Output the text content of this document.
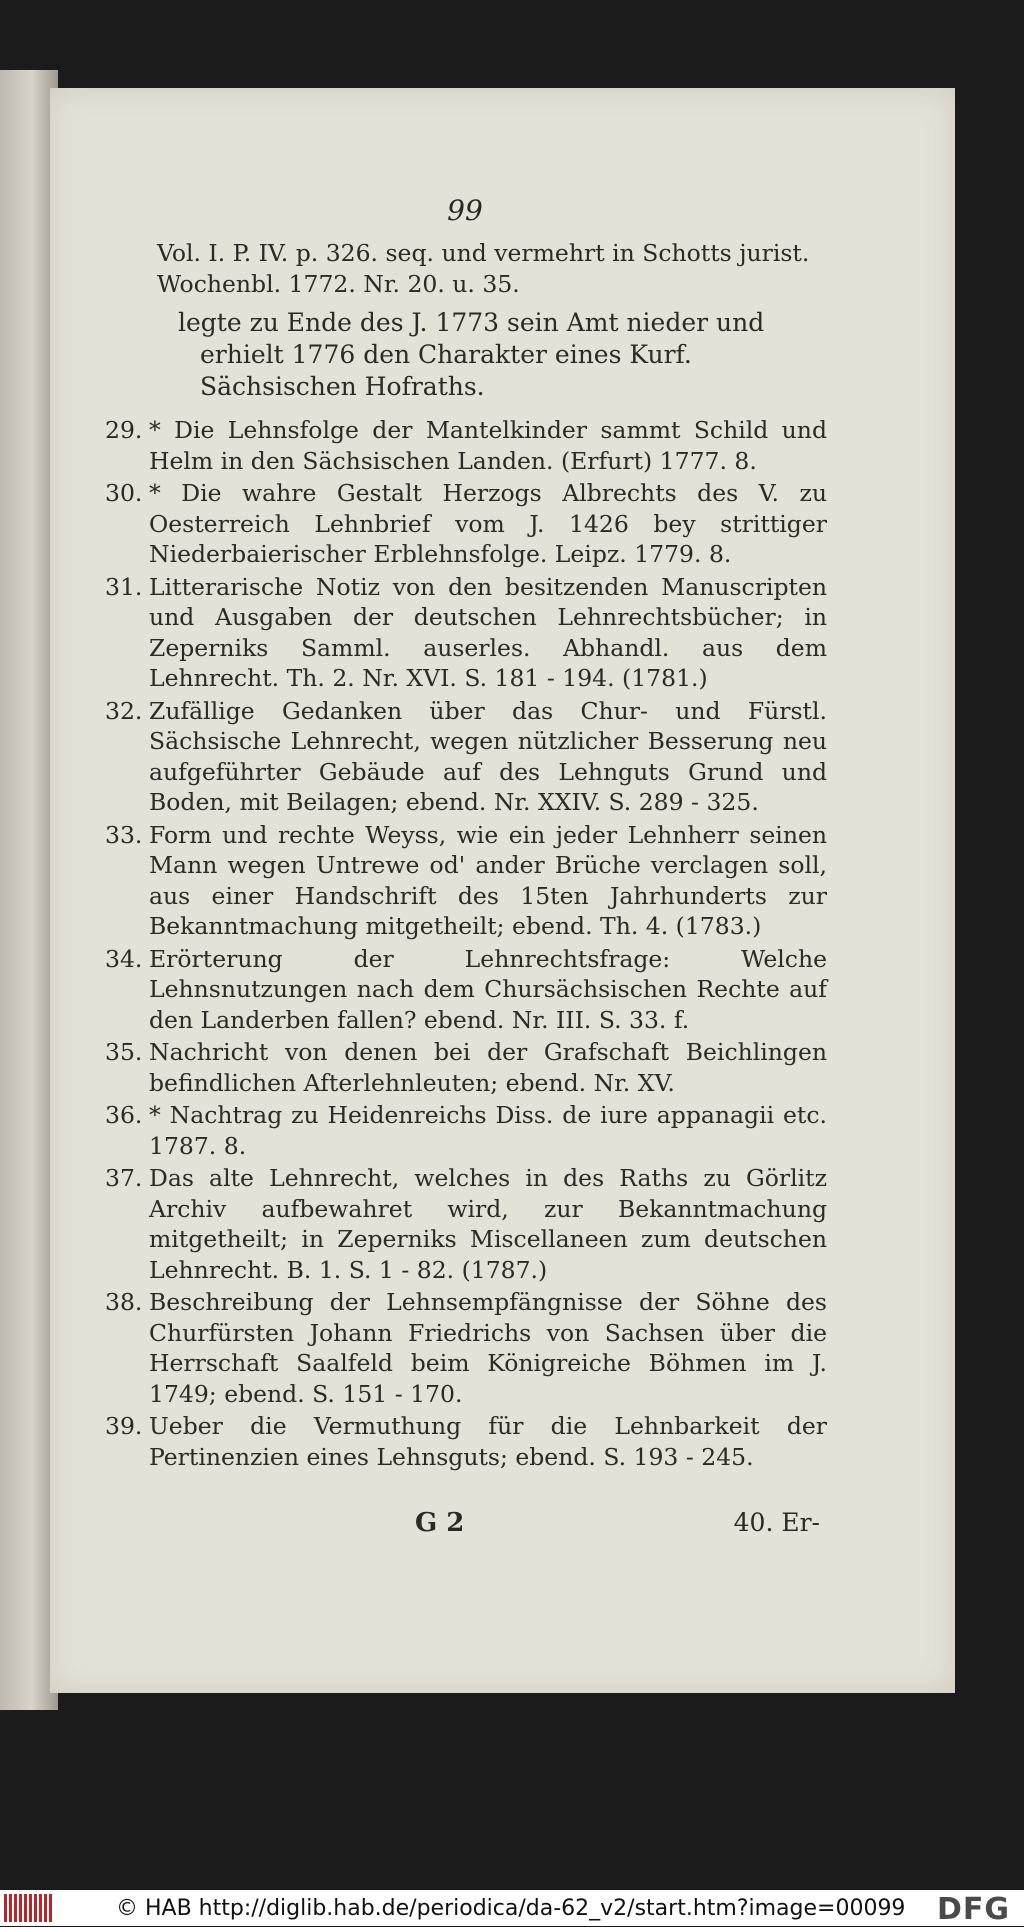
99
Vol. I. P. IV. p. 326. seq. und vermehrt in Schotts jurist. Wochenbl. 1772. Nr. 20. u. 35.
legte zu Ende des J. 1773 sein Amt nieder und erhielt 1776 den Charakter eines Kurf. Sächsischen Hofraths.
29. * Die Lehnsfolge der Mantelkinder sammt Schild und Helm in den Sächsischen Landen. (Erfurt) 1777. 8.
30. * Die wahre Gestalt Herzogs Albrechts des V. zu Oesterreich Lehnbrief vom J. 1426 bey strittiger Niederbaierischer Erblehnsfolge. Leipz. 1779. 8.
31. Litterarische Notiz von den besitzenden Manuscripten und Ausgaben der deutschen Lehnrechtsbücher; in Zeperniks Samml. auserles. Abhandl. aus dem Lehnrecht. Th. 2. Nr. XVI. S. 181 - 194. (1781.)
32. Zufällige Gedanken über das Chur- und Fürstl. Sächsische Lehnrecht, wegen nützlicher Besserung neu aufgeführter Gebäude auf des Lehnguts Grund und Boden, mit Beilagen; ebend. Nr. XXIV. S. 289 - 325.
33. Form und rechte Weyss, wie ein jeder Lehnherr seinen Mann wegen Untrewe od' ander Brüche verclagen soll, aus einer Handschrift des 15ten Jahrhunderts zur Bekanntmachung mitgetheilt; ebend. Th. 4. (1783.)
34. Erörterung der Lehnrechtsfrage: Welche Lehnsnutzungen nach dem Chursächsischen Rechte auf den Landerben fallen? ebend. Nr. III. S. 33. f.
35. Nachricht von denen bei der Grafschaft Beichlingen befindlichen Afterlehnleuten; ebend. Nr. XV.
36. * Nachtrag zu Heidenreichs Diss. de iure appanagii etc. 1787. 8.
37. Das alte Lehnrecht, welches in des Raths zu Görlitz Archiv aufbewahret wird, zur Bekanntmachung mitgetheilt; in Zeperniks Miscellaneen zum deutschen Lehnrecht. B. 1. S. 1 - 82. (1787.)
38. Beschreibung der Lehnsempfängnisse der Söhne des Churfürsten Johann Friedrichs von Sachsen über die Herrschaft Saalfeld beim Königreiche Böhmen im J. 1749; ebend. S. 151 - 170.
39. Ueber die Vermuthung für die Lehnbarkeit der Pertinenzien eines Lehnsguts; ebend. S. 193 - 245.
G 2	40. Er-
© HAB http://diglib.hab.de/periodica/da-62_v2/start.htm?image=00099 DFG
